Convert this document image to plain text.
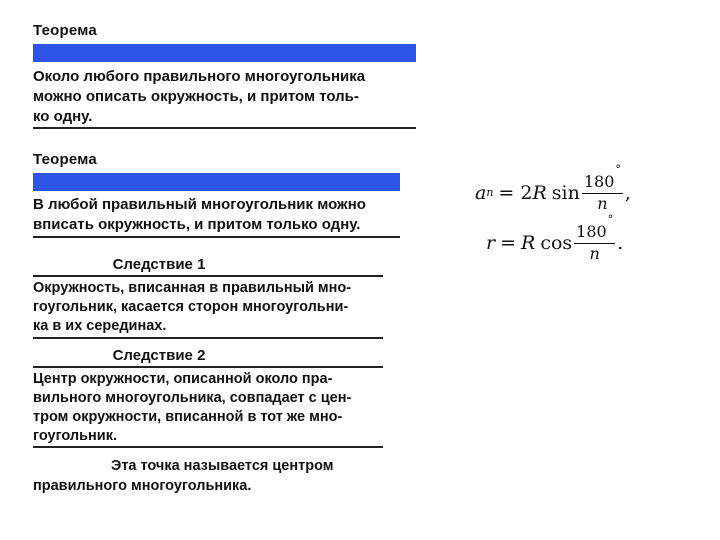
Теорема
Около любого правильного многоугольника
можно описать окружность, и притом толь-
ко одну.
Теорема
В любой правильный многоугольник можно
вписать окружность, и притом только одну.
Следствие 1
Окружность, вписанная в правильный мно-
гоугольник, касается сторон многоугольни-
ка в их серединах.
Следствие 2
Центр окружности, описанной около пра-
вильного многоугольника, совпадает с цен-
тром окружности, вписанной в тот же мно-
гоугольник.
Эта точка называется центром
правильного многоугольника.
a n = 2 R $\sin \frac{180^\circ}{n}$ ,
r = R $\cos \frac{180^\circ}{n}$ .
